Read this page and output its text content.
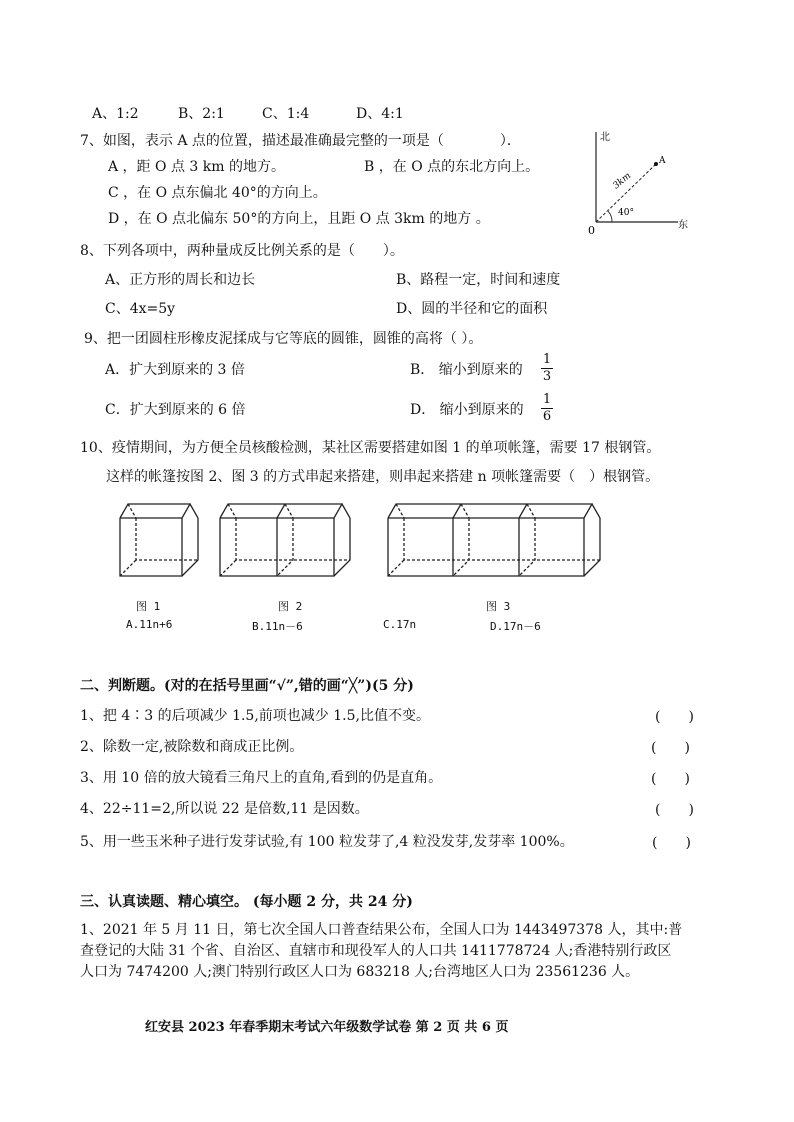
A、1:2	B、2:1	C、1:4	D、4:1
7、如图，表示 A 点的位置，描述最准确最完整的一项是（　　　　）．
A ，距 O 点 3 km 的地方。	B ，在 O 点的东北方向上。
C ，在 O 点东偏北 40°的方向上。
D ，在 O 点北偏东 50°的方向上，且距 O 点 3km 的地方 。
北
东
0
A
3km
40°
8、下列各项中，两种量成反比例关系的是（　　）。
A、正方形的周长和边长	B、路程一定，时间和速度
C、4x=5y	D、圆的半径和它的面积
9、把一团圆柱形橡皮泥揉成与它等底的圆锥，圆锥的高将（ ）。
A．扩大到原来的 3 倍	B． 缩小到原来的
1
3
C．扩大到原来的 6 倍	D． 缩小到原来的
1
6
10、疫情期间，为方便全员核酸检测，某社区需要搭建如图 1 的单项帐篷，需要 17 根钢管。
这样的帐篷按图 2、图 3 的方式串起来搭建，则串起来搭建 n 项帐篷需要（　）根钢管。
图 1	图 2	图 3
A.11n+6	B.11n－6	C.17n	D.17n－6
二、判断题。(对的在括号里画“√”,错的画“╳”)(5 分)
1、把 4∶3 的后项减少 1.5,前项也减少 1.5,比值不变。	(　　)
2、除数一定,被除数和商成正比例。	(　　)
3、用 10 倍的放大镜看三角尺上的直角,看到的仍是直角。	(　　)
4、22÷11=2,所以说 22 是倍数,11 是因数。	(　　)
5、用一些玉米种子进行发芽试验,有 100 粒发芽了,4 粒没发芽,发芽率 100%。	(　　)
三、认真读题、精心填空。 (每小题 2 分，共 24 分)
1、2021 年 5 月 11 日，第七次全国人口普查结果公布，全国人口为 1443497378 人，其中:普
查登记的大陆 31 个省、自治区、直辖市和现役军人的人口共 1411778724 人;香港特别行政区
人口为 7474200 人;澳门特别行政区人口为 683218 人;台湾地区人口为 23561236 人。
红安县 2023 年春季期末考试六年级数学试卷 第 2 页 共 6 页
